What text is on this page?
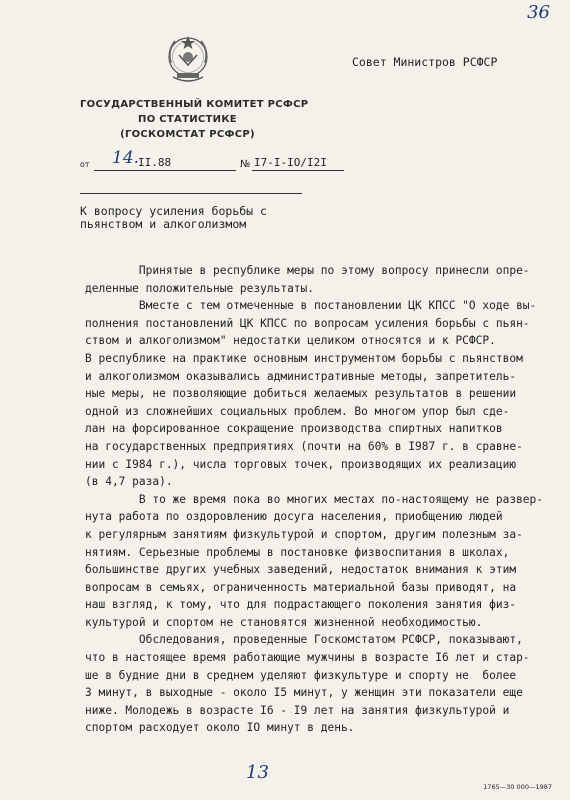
36
Совет Министров РСФСР
ГОСУДАРСТВЕННЫЙ КОМИТЕТ РСФСР
ПО СТАТИСТИКЕ
(ГОСКОМСТАТ РСФСР)
от 14.
II.88	№ I7-I-IO/I2I
К вопросу усиления борьбы с
пьянством и алкоголизмом

Принятые в республике меры по этому вопросу принесли опре-

деленные положительные результаты.

Вместе с тем отмеченные в постановлении ЦК КПСС "О ходе вы-

полнения постановлений ЦК КПСС по вопросам усиления борьбы с пьян-

ством и алкоголизмом" недостатки целиком относятся и к РСФСР.

В республике на практике основным инструментом борьбы с пьянством

и алкоголизмом оказывались административные методы, запретитель-

ные меры, не позволяющие добиться желаемых результатов в решении

одной из сложнейших социальных проблем. Во многом упор был сде-

лан на форсированное сокращение производства спиртных напитков

на государственных предприятиях (почти на 60% в I987 г. в сравне-

нии с I984 г.), числа торговых точек, производящих их реализацию

(в 4,7 раза).

В то же время пока во многих местах по-настоящему не развер-

нута работа по оздоровлению досуга населения, приобщению людей

к регулярным занятиям физкультурой и спортом, другим полезным за-

нятиям. Серьезные проблемы в постановке физвоспитания в школах,

большинстве других учебных заведений, недостаток внимания к этим

вопросам в семьях, ограниченность материальной базы приводят, на

наш взгляд, к тому, что для подрастающего поколения занятия физ-

культурой и спортом не становятся жизненной необходимостью.

Обследования, проведенные Госкомстатом РСФСР, показывают,

что в настоящее время работающие мужчины в возрасте I6 лет и стар-

ше в будние дни в среднем уделяют физкультуре и спорту не  более

3 минут, в выходные - около I5 минут, у женщин эти показатели еще

ниже. Молодежь в возрасте I6 - I9 лет на занятия физкультурой и

спортом расходует около IO минут в день.

13
1765—30 000—1987
